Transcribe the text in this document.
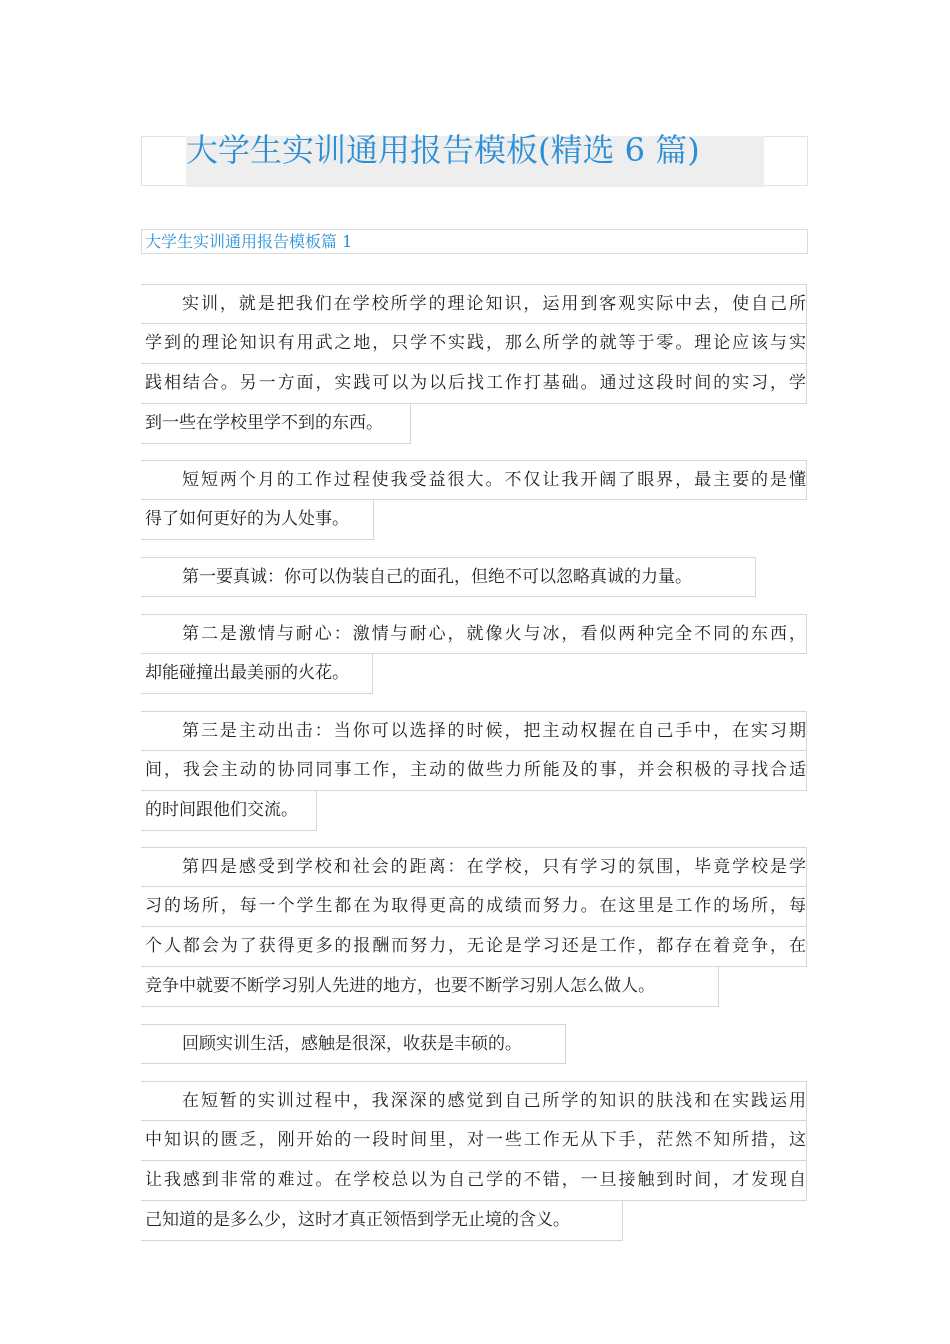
大学生实训通用报告模板(精选 6 篇)
大学生实训通用报告模板篇 1
实训，就是把我们在学校所学的理论知识，运用到客观实际中去，使自己所
学到的理论知识有用武之地，只学不实践，那么所学的就等于零。理论应该与实
践相结合。另一方面，实践可以为以后找工作打基础。通过这段时间的实习，学
到一些在学校里学不到的东西。
短短两个月的工作过程使我受益很大。不仅让我开阔了眼界，最主要的是懂
得了如何更好的为人处事。
第一要真诚：你可以伪装自己的面孔，但绝不可以忽略真诚的力量。
第二是激情与耐心：激情与耐心，就像火与冰，看似两种完全不同的东西，
却能碰撞出最美丽的火花。
第三是主动出击：当你可以选择的时候，把主动权握在自己手中，在实习期
间，我会主动的协同同事工作，主动的做些力所能及的事，并会积极的寻找合适
的时间跟他们交流。
第四是感受到学校和社会的距离：在学校，只有学习的氛围，毕竟学校是学
习的场所，每一个学生都在为取得更高的成绩而努力。在这里是工作的场所，每
个人都会为了获得更多的报酬而努力，无论是学习还是工作，都存在着竞争，在
竞争中就要不断学习别人先进的地方，也要不断学习别人怎么做人。
回顾实训生活，感触是很深，收获是丰硕的。
在短暂的实训过程中，我深深的感觉到自己所学的知识的肤浅和在实践运用
中知识的匮乏，刚开始的一段时间里，对一些工作无从下手，茫然不知所措，这
让我感到非常的难过。在学校总以为自己学的不错，一旦接触到时间，才发现自
己知道的是多么少，这时才真正领悟到学无止境的含义。
